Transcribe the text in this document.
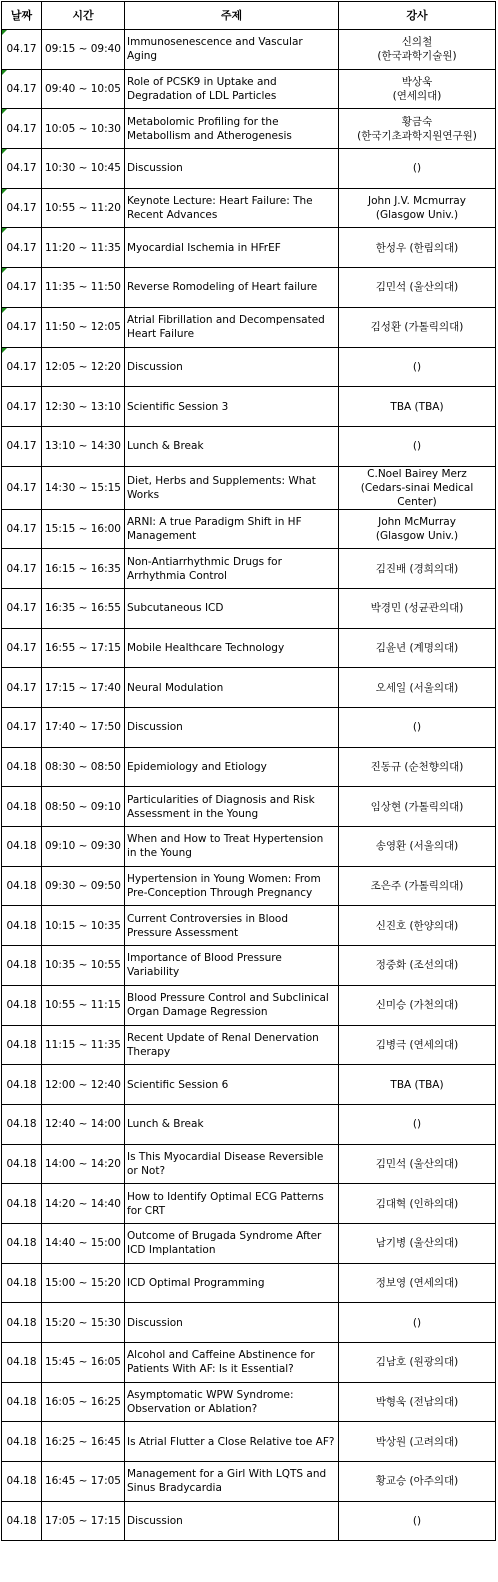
날짜	시간	주제	강사
04.17	09:15 ~ 09:40	Immunosenescence and Vascular Aging	신의철
(한국과학기술원)
04.17	09:40 ~ 10:05	Role of PCSK9 in Uptake and Degradation of LDL Particles	박상욱
(연세의대)
04.17	10:05 ~ 10:30	Metabolomic Profiling for the Metabollism and Atherogenesis	황금숙
(한국기초과학지원연구원)
04.17	10:30 ~ 10:45	Discussion	()
04.17	10:55 ~ 11:20	Keynote Lecture: Heart Failure: The Recent Advances	John J.V. Mcmurray
(Glasgow Univ.)
04.17	11:20 ~ 11:35	Myocardial Ischemia in HFrEF	한성우 (한림의대)
04.17	11:35 ~ 11:50	Reverse Romodeling of Heart failure	김민석 (울산의대)
04.17	11:50 ~ 12:05	Atrial Fibrillation and Decompensated Heart Failure	김성환 (가톨릭의대)
04.17	12:05 ~ 12:20	Discussion	()
04.17	12:30 ~ 13:10	Scientific Session 3	TBA (TBA)
04.17	13:10 ~ 14:30	Lunch & Break	()
04.17	14:30 ~ 15:15	Diet, Herbs and Supplements: What Works	C.Noel Bairey Merz
(Cedars-sinai Medical Center)
04.17	15:15 ~ 16:00	ARNI: A true Paradigm Shift in HF Management	John McMurray
(Glasgow Univ.)
04.17	16:15 ~ 16:35	Non-Antiarrhythmic Drugs for Arrhythmia Control	김진배 (경희의대)
04.17	16:35 ~ 16:55	Subcutaneous ICD	박경민 (성균관의대)
04.17	16:55 ~ 17:15	Mobile Healthcare Technology	김윤년 (계명의대)
04.17	17:15 ~ 17:40	Neural Modulation	오세일 (서울의대)
04.17	17:40 ~ 17:50	Discussion	()
04.18	08:30 ~ 08:50	Epidemiology and Etiology	진동규 (순천향의대)
04.18	08:50 ~ 09:10	Particularities of Diagnosis and Risk Assessment in the Young	임상현 (가톨릭의대)
04.18	09:10 ~ 09:30	When and How to Treat Hypertension in the Young	송영환 (서울의대)
04.18	09:30 ~ 09:50	Hypertension in Young Women: From Pre-Conception Through Pregnancy	조은주 (가톨릭의대)
04.18	10:15 ~ 10:35	Current Controversies in Blood Pressure Assessment	신진호 (한양의대)
04.18	10:35 ~ 10:55	Importance of Blood Pressure Variability	정중화 (조선의대)
04.18	10:55 ~ 11:15	Blood Pressure Control and Subclinical Organ Damage Regression	신미승 (가천의대)
04.18	11:15 ~ 11:35	Recent Update of Renal Denervation Therapy	김병극 (연세의대)
04.18	12:00 ~ 12:40	Scientific Session 6	TBA (TBA)
04.18	12:40 ~ 14:00	Lunch & Break	()
04.18	14:00 ~ 14:20	Is This Myocardial Disease Reversible or Not?	김민석 (울산의대)
04.18	14:20 ~ 14:40	How to Identify Optimal ECG Patterns for CRT	김대혁 (인하의대)
04.18	14:40 ~ 15:00	Outcome of Brugada Syndrome After ICD Implantation	남기병 (울산의대)
04.18	15:00 ~ 15:20	ICD Optimal Programming	정보영 (연세의대)
04.18	15:20 ~ 15:30	Discussion	()
04.18	15:45 ~ 16:05	Alcohol and Caffeine Abstinence for Patients With AF: Is it Essential?	김남호 (원광의대)
04.18	16:05 ~ 16:25	Asymptomatic WPW Syndrome: Observation or Ablation?	박형욱 (전남의대)
04.18	16:25 ~ 16:45	Is Atrial Flutter a Close Relative toe AF?	박상원 (고려의대)
04.18	16:45 ~ 17:05	Management for a Girl With LQTS and Sinus Bradycardia	황교승 (아주의대)
04.18	17:05 ~ 17:15	Discussion	()
